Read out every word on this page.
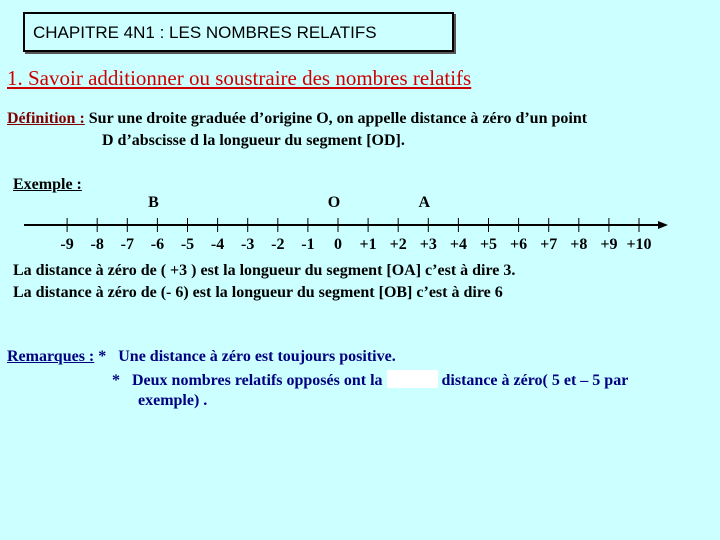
CHAPITRE 4N1 : LES NOMBRES RELATIFS
1. Savoir additionner ou soustraire des nombres relatifs
Définition : Sur une droite graduée d’origine O, on appelle distance à zéro d’un point
D d’abscisse d la longueur du segment [OD].
Exemple :
-9 -8 -7 -6 -5 -4 -3 -2 -1 0 +1 +2 +3 +4 +5 +6 +7 +8 +9 +10
B	O	A
La distance à zéro de ( +3 ) est la longueur du segment [OA] c’est à dire 3.
La distance à zéro de (- 6) est la longueur du segment [OB] c’est à dire 6
Remarques : * Une distance à zéro est toujours positive.
* Deux nombres relatifs opposés ont la	distance à zéro( 5 et – 5 par
exemple) .
